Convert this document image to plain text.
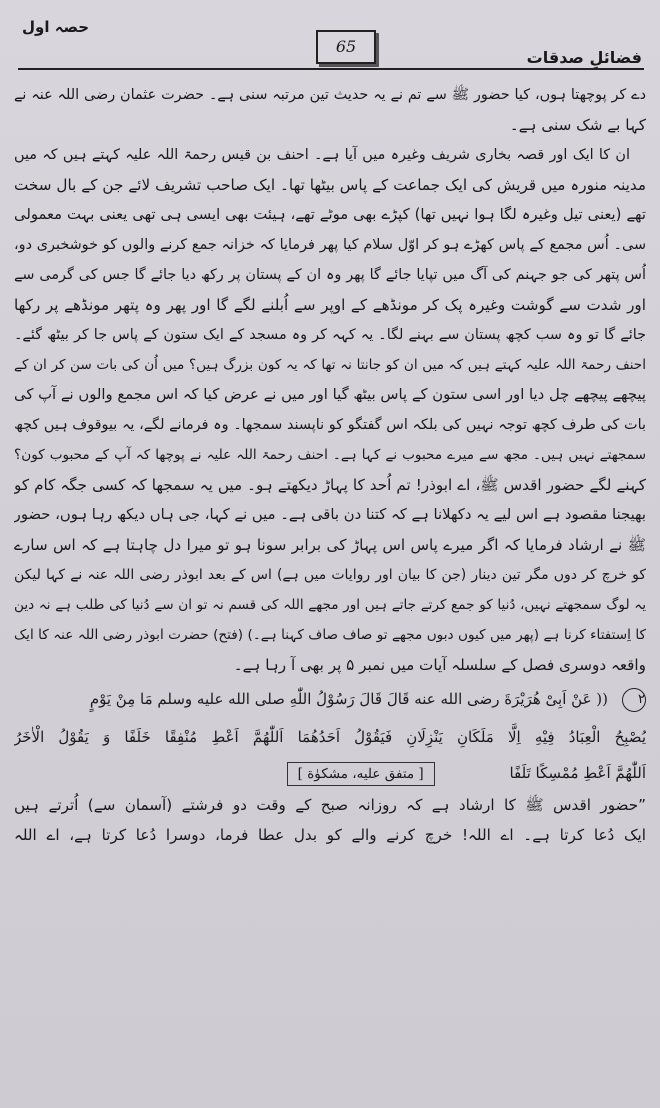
حصہ اول
65
فضائلِ صدقات
دے کر پوچھتا ہوں، کیا حضور ﷺ سے تم نے یہ حدیث تین مرتبہ سنی ہے۔ حضرت عثمان رضی اللہ عنہ نے
کہا بے شک سنی ہے۔
ان کا ایک اور قصہ بخاری شریف وغیرہ میں آیا ہے۔ احنف بن قیس رحمۃ اللہ علیہ کہتے ہیں کہ میں
مدینہ منورہ میں قریش کی ایک جماعت کے پاس بیٹھا تھا۔ ایک صاحب تشریف لائے جن کے بال سخت
تھے (یعنی تیل وغیرہ لگا ہوا نہیں تھا) کپڑے بھی موٹے تھے، ہیئت بھی ایسی ہی تھی یعنی بہت معمولی
سی۔ اُس مجمع کے پاس کھڑے ہو کر اوّل سلام کیا پھر فرمایا کہ خزانہ جمع کرنے والوں کو خوشخبری دو،
اُس پتھر کی جو جہنم کی آگ میں تپایا جائے گا پھر وہ ان کے پستان پر رکھ دیا جائے گا جس کی گرمی سے
اور شدت سے گوشت وغیرہ پک کر مونڈھے کے اوپر سے اُبلنے لگے گا اور پھر وہ پتھر مونڈھے پر رکھا
جائے گا تو وہ سب کچھ پستان سے بہنے لگا۔ یہ کہہ کر وہ مسجد کے ایک ستون کے پاس جا کر بیٹھ گئے۔
احنف رحمۃ اللہ علیہ کہتے ہیں کہ میں ان کو جانتا نہ تھا کہ یہ کون بزرگ ہیں؟ میں اُن کی بات سن کر ان کے
پیچھے پیچھے چل دیا اور اسی ستون کے پاس بیٹھ گیا اور میں نے عرض کیا کہ اس مجمع والوں نے آپ کی
بات کی طرف کچھ توجہ نہیں کی بلکہ اس گفتگو کو ناپسند سمجھا۔ وہ فرمانے لگے، یہ بیوقوف ہیں کچھ
سمجھتے نہیں ہیں۔ مجھ سے میرے محبوب نے کہا ہے۔ احنف رحمۃ اللہ علیہ نے پوچھا کہ آپ کے محبوب کون؟
کہنے لگے حضور اقدس ﷺ، اے ابوذر! تم اُحد کا پہاڑ دیکھتے ہو۔ میں یہ سمجھا کہ کسی جگہ کام کو
بھیجنا مقصود ہے اس لیے یہ دکھلانا ہے کہ کتنا دن باقی ہے۔ میں نے کہا، جی ہاں دیکھ رہا ہوں، حضور
ﷺ نے ارشاد فرمایا کہ اگر میرے پاس اس پہاڑ کی برابر سونا ہو تو میرا دل چاہتا ہے کہ اس سارے
کو خرچ کر دوں مگر تین دینار (جن کا بیان اور روایات میں ہے) اس کے بعد ابوذر رضی اللہ عنہ نے کہا لیکن
یہ لوگ سمجھتے نہیں، دُنیا کو جمع کرتے جاتے ہیں اور مجھے اللہ کی قسم نہ تو ان سے دُنیا کی طلب ہے نہ دین
کا اِستفتاء کرنا ہے (پھر میں کیوں دبوں مجھے تو صاف صاف کہنا ہے۔) (فتح) حضرت ابوذر رضی اللہ عنہ کا ایک
واقعہ دوسری فصل کے سلسلہ آیات میں نمبر ۵ پر بھی آ رہا ہے۔
۲
(( عَنْ اَبِیْ هُرَیْرَةَ رضی الله عنه قَالَ قَالَ رَسُوْلُ اللّٰهِ صلی الله علیه وسلم مَا مِنْ یَوْمٍ
یُصْبِحُ الْعِبَادُ فِیْهِ اِلَّا مَلَكَانِ یَنْزِلَانِ فَیَقُوْلُ اَحَدُهُمَا اَللّٰهُمَّ اَعْطِ مُنْفِقًا خَلَفًا وَ یَقُوْلُ الْاٰخَرُ
اَللّٰهُمَّ اَعْطِ مُمْسِكًا تَلَفًا [ متفق علیه، مشکوٰة ]
”حضور اقدس ﷺ کا ارشاد ہے کہ روزانہ صبح کے وقت دو فرشتے (آسمان سے) اُترتے ہیں
ایک دُعا کرتا ہے۔ اے اللہ! خرچ کرنے والے کو بدل عطا فرما، دوسرا دُعا کرتا ہے، اے اللہ
